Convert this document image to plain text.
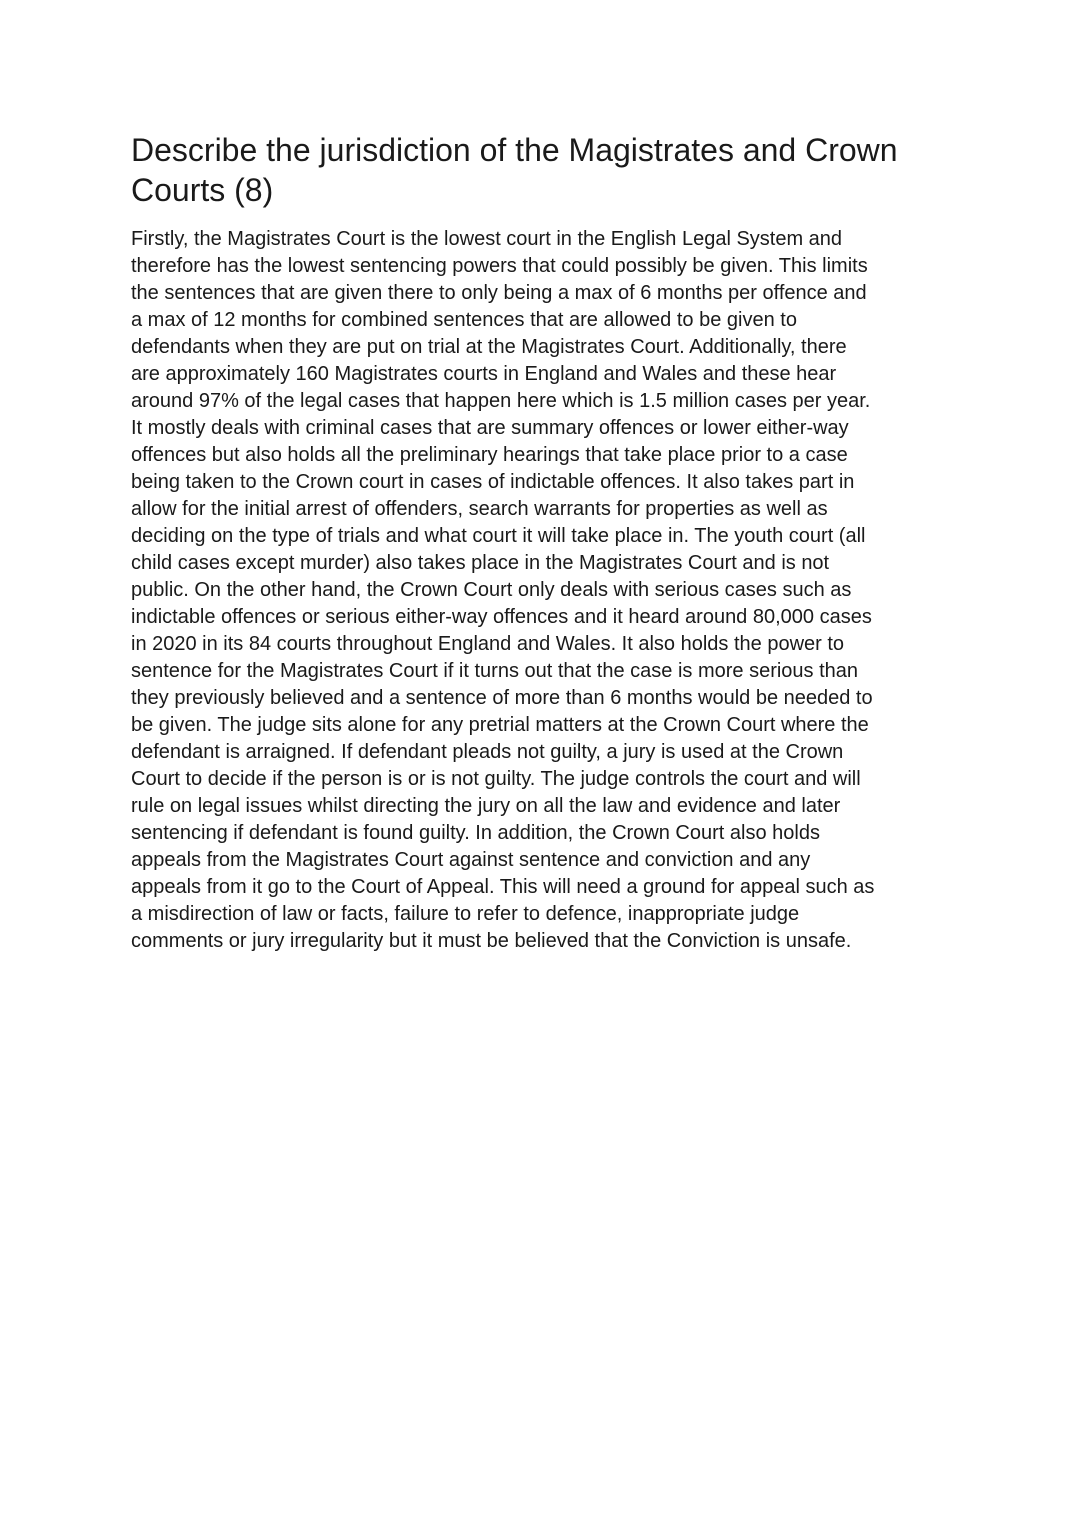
Describe the jurisdiction of the Magistrates and Crown
Courts (8)

Firstly, the Magistrates Court is the lowest court in the English Legal System and
therefore has the lowest sentencing powers that could possibly be given. This limits
the sentences that are given there to only being a max of 6 months per offence and
a max of 12 months for combined sentences that are allowed to be given to
defendants when they are put on trial at the Magistrates Court. Additionally, there
are approximately 160 Magistrates courts in England and Wales and these hear
around 97% of the legal cases that happen here which is 1.5 million cases per year.
It mostly deals with criminal cases that are summary offences or lower either-way
offences but also holds all the preliminary hearings that take place prior to a case
being taken to the Crown court in cases of indictable offences. It also takes part in
allow for the initial arrest of offenders, search warrants for properties as well as
deciding on the type of trials and what court it will take place in. The youth court (all
child cases except murder) also takes place in the Magistrates Court and is not
public. On the other hand, the Crown Court only deals with serious cases such as
indictable offences or serious either-way offences and it heard around 80,000 cases
in 2020 in its 84 courts throughout England and Wales. It also holds the power to
sentence for the Magistrates Court if it turns out that the case is more serious than
they previously believed and a sentence of more than 6 months would be needed to
be given. The judge sits alone for any pretrial matters at the Crown Court where the
defendant is arraigned. If defendant pleads not guilty, a jury is used at the Crown
Court to decide if the person is or is not guilty. The judge controls the court and will
rule on legal issues whilst directing the jury on all the law and evidence and later
sentencing if defendant is found guilty. In addition, the Crown Court also holds
appeals from the Magistrates Court against sentence and conviction and any
appeals from it go to the Court of Appeal. This will need a ground for appeal such as
a misdirection of law or facts, failure to refer to defence, inappropriate judge
comments or jury irregularity but it must be believed that the Conviction is unsafe.
